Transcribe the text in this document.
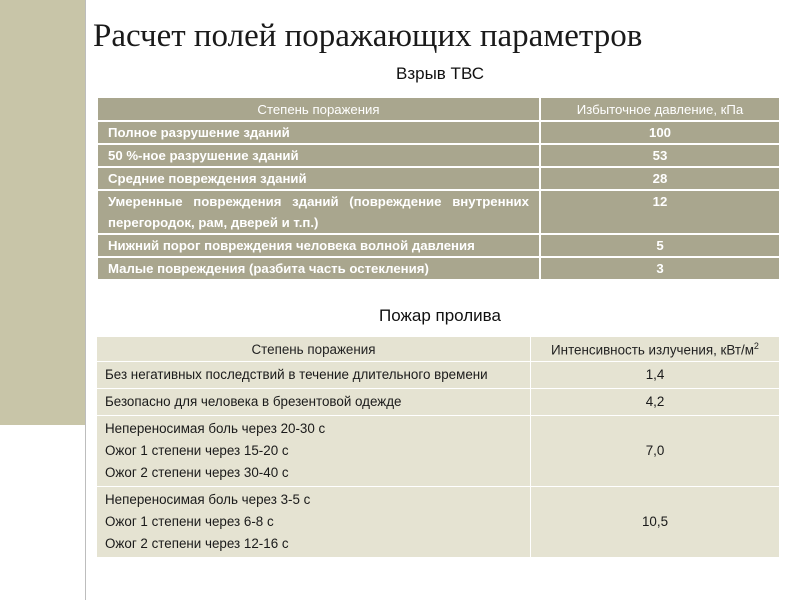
Расчет полей поражающих параметров
Взрыв ТВС
Степень поражения	Избыточное давление, кПа
Полное разрушение зданий	100
50 %-ное разрушение зданий	53
Средние повреждения зданий	28
Умеренные повреждения зданий (повреждение внутренних перегородок, рам, дверей и т.п.)	12
Нижний порог повреждения человека волной давления	5
Малые повреждения (разбита часть остекления)	3
Пожар пролива
Степень поражения	Интенсивность излучения, кВт/$м^2$

Без негативных последствий в течение длительного времени	1,4

Безопасно для человека в брезентовой одежде	4,2

Непереносимая боль через 20-30 с
Ожог 1 степени через 15-20 с
Ожог 2 степени через 30-40 с	7,0

Непереносимая боль через 3-5 с
Ожог 1 степени через 6-8 с
Ожог 2 степени через 12-16 с	10,5
